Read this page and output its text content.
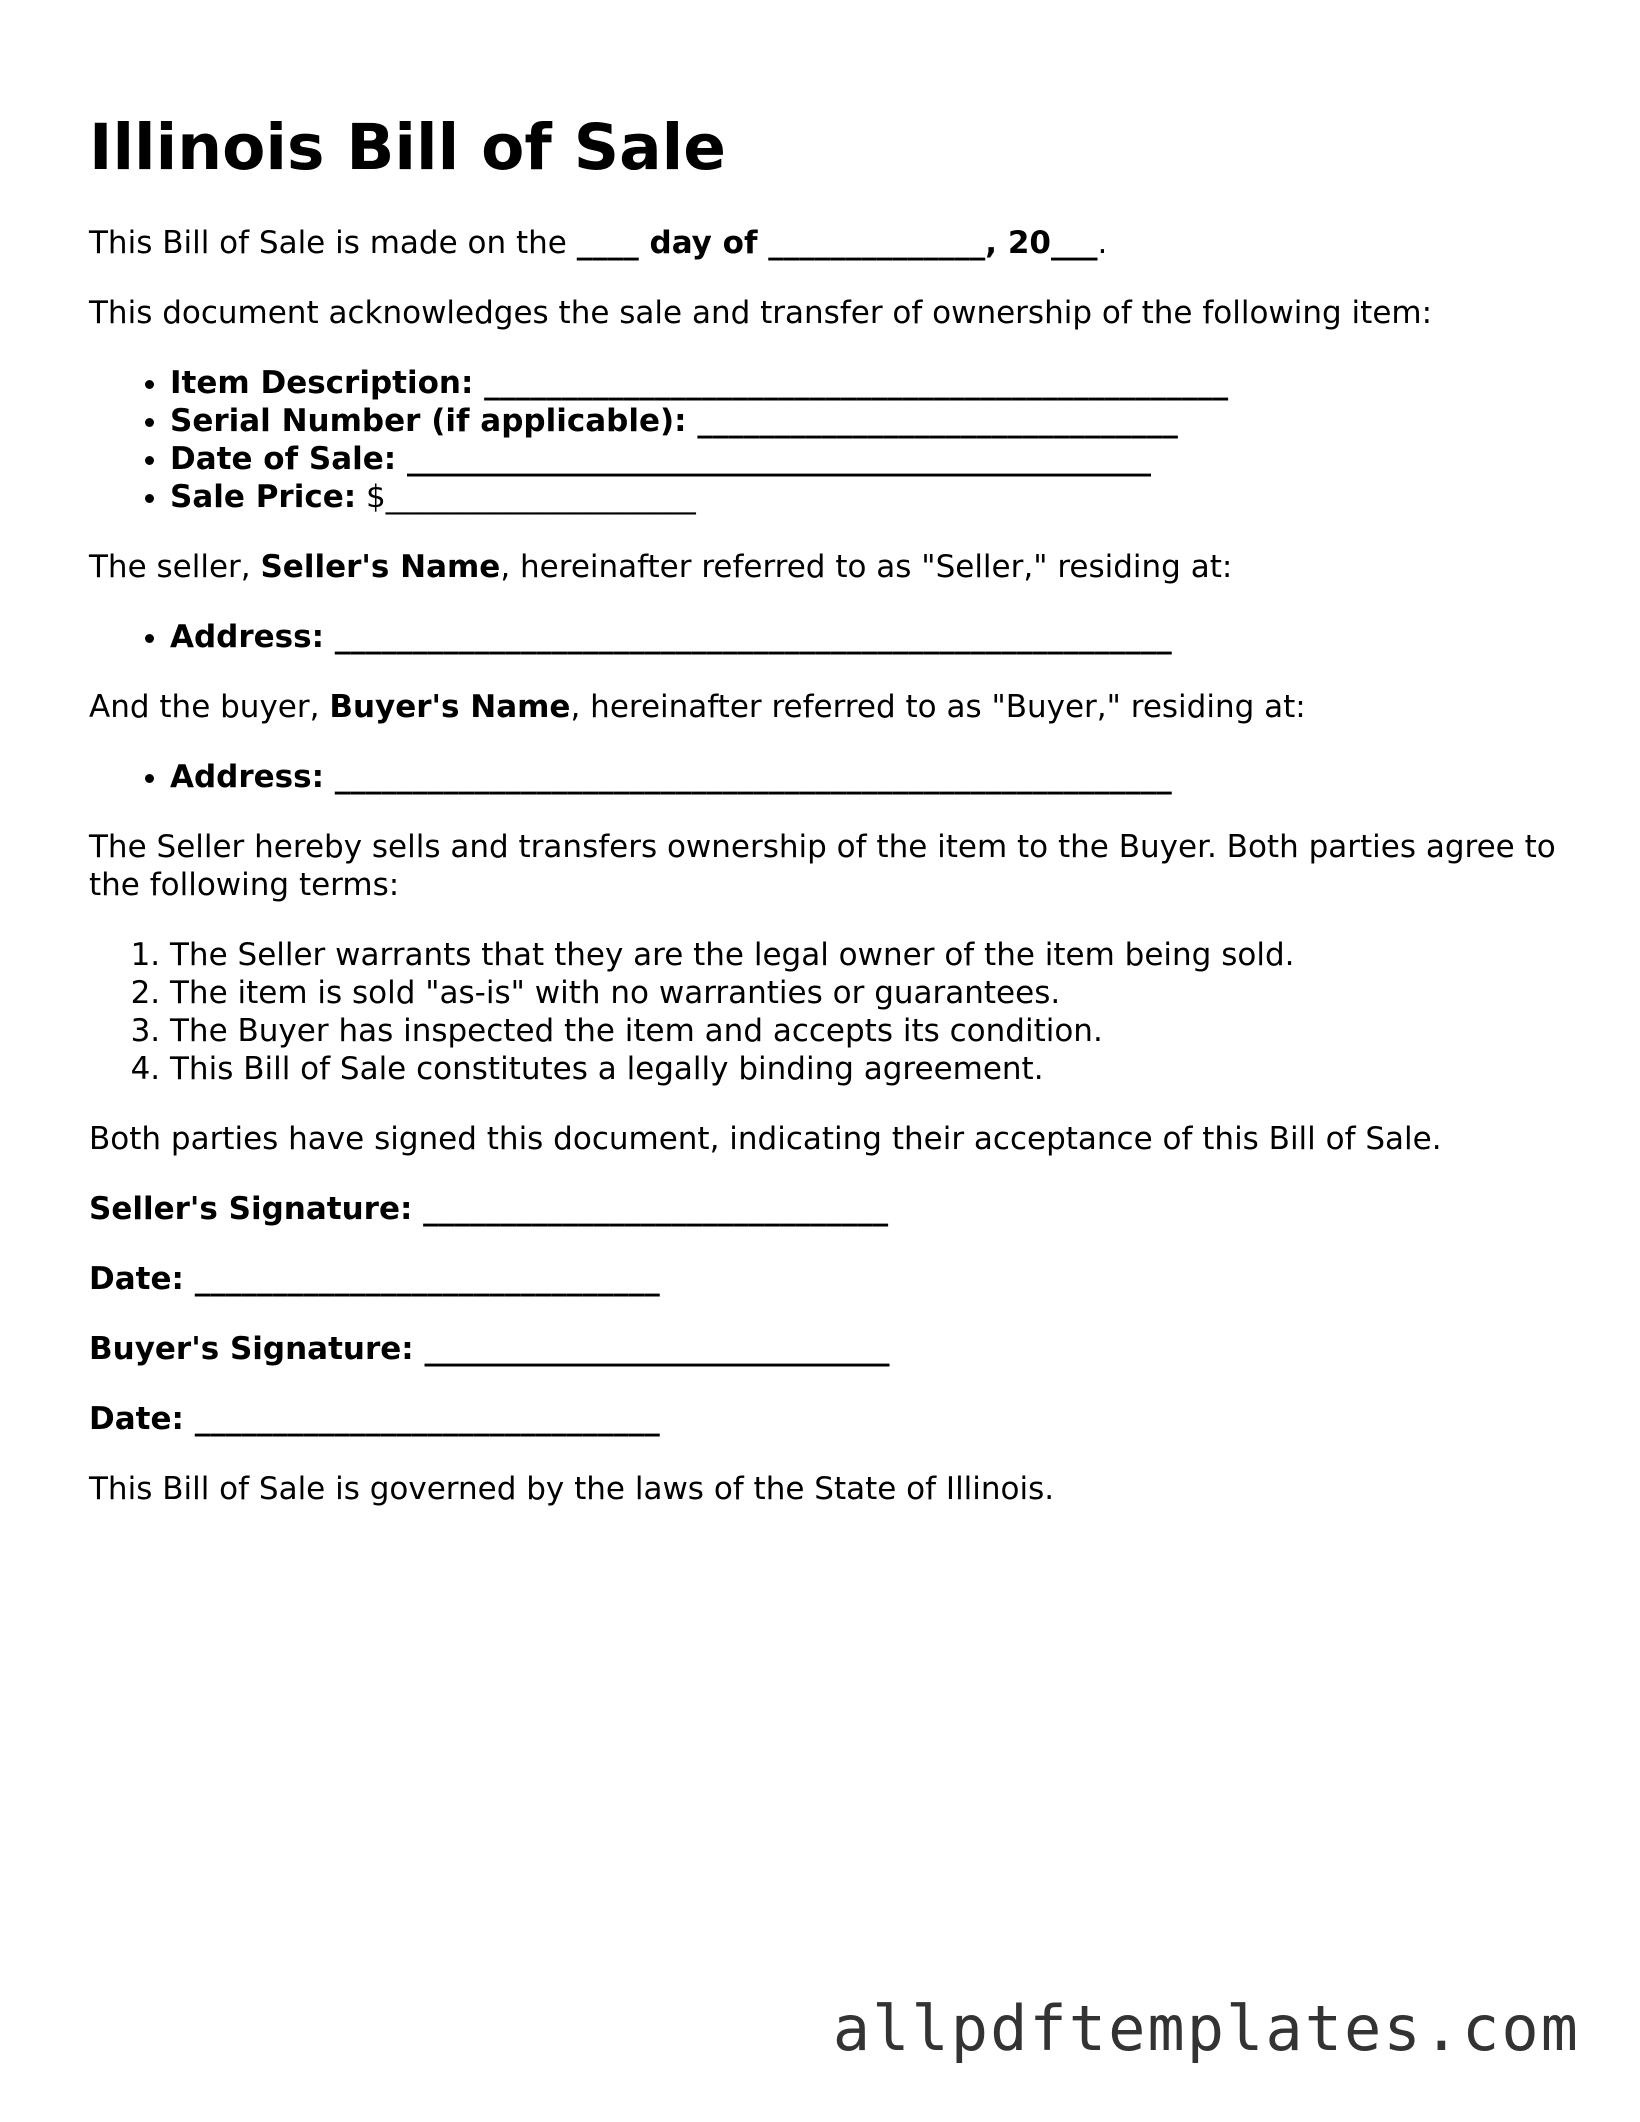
Illinois Bill of Sale

This Bill of Sale is made on the ____ day of ______________, 20___.

This document acknowledges the sale and transfer of ownership of the following item:

• Item Description: ________________________________________________
• Serial Number (if applicable): _______________________________
• Date of Sale: ________________________________________________
• Sale Price: $____________________

The seller, Seller's Name, hereinafter referred to as "Seller," residing at:

• Address: ______________________________________________________

And the buyer, Buyer's Name, hereinafter referred to as "Buyer," residing at:

• Address: ______________________________________________________

The Seller hereby sells and transfers ownership of the item to the Buyer. Both parties agree to the following terms:

1. The Seller warrants that they are the legal owner of the item being sold.
2. The item is sold "as-is" with no warranties or guarantees.
3. The Buyer has inspected the item and accepts its condition.
4. This Bill of Sale constitutes a legally binding agreement.

Both parties have signed this document, indicating their acceptance of this Bill of Sale.

Seller's Signature: ______________________________

Date: ______________________________

Buyer's Signature: ______________________________

Date: ______________________________

This Bill of Sale is governed by the laws of the State of Illinois.

allpdftemplates.com
